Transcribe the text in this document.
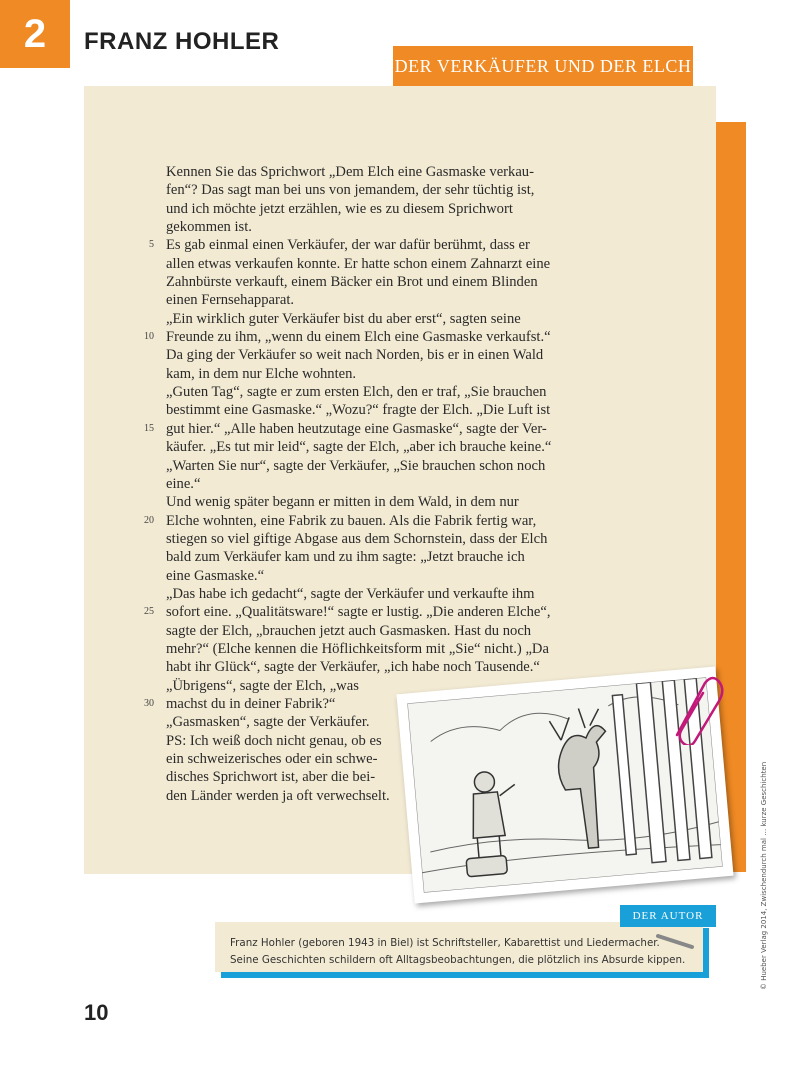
2	FRANZ HOHLER
DER VERKÄUFER UND DER ELCH
5
10
15
20
25
30
Kennen Sie das Sprichwort „Dem Elch eine Gasmaske verkau-
fen“? Das sagt man bei uns von jemandem, der sehr tüchtig ist,
und ich möchte jetzt erzählen, wie es zu diesem Sprichwort
gekommen ist.
Es gab einmal einen Verkäufer, der war dafür berühmt, dass er
allen etwas verkaufen konnte. Er hatte schon einem Zahnarzt eine
Zahnbürste verkauft, einem Bäcker ein Brot und einem Blinden
einen Fernsehapparat.
„Ein wirklich guter Verkäufer bist du aber erst“, sagten seine
Freunde zu ihm, „wenn du einem Elch eine Gasmaske verkaufst.“
Da ging der Verkäufer so weit nach Norden, bis er in einen Wald
kam, in dem nur Elche wohnten.
„Guten Tag“, sagte er zum ersten Elch, den er traf, „Sie brauchen
bestimmt eine Gasmaske.“ „Wozu?“ fragte der Elch. „Die Luft ist
gut hier.“ „Alle haben heutzutage eine Gasmaske“, sagte der Ver-
käufer. „Es tut mir leid“, sagte der Elch, „aber ich brauche keine.“
„Warten Sie nur“, sagte der Verkäufer, „Sie brauchen schon noch
eine.“
Und wenig später begann er mitten in dem Wald, in dem nur
Elche wohnten, eine Fabrik zu bauen. Als die Fabrik fertig war,
stiegen so viel giftige Abgase aus dem Schornstein, dass der Elch
bald zum Verkäufer kam und zu ihm sagte: „Jetzt brauche ich
eine Gasmaske.“
„Das habe ich gedacht“, sagte der Verkäufer und verkaufte ihm
sofort eine. „Qualitätsware!“ sagte er lustig. „Die anderen Elche“,
sagte der Elch, „brauchen jetzt auch Gasmasken. Hast du noch
mehr?“ (Elche kennen die Höflichkeitsform mit „Sie“ nicht.) „Da
habt ihr Glück“, sagte der Verkäufer, „ich habe noch Tausende.“
„Übrigens“, sagte der Elch, „was
machst du in deiner Fabrik?“
„Gasmasken“, sagte der Verkäufer.
PS: Ich weiß doch nicht genau, ob es
ein schweizerisches oder ein schwe-
disches Sprichwort ist, aber die bei-
den Länder werden ja oft verwechselt.
Franz Hohler (geboren 1943 in Biel) ist Schriftsteller, Kabarettist und Liedermacher.
Seine Geschichten schildern oft Alltagsbeobachtungen, die plötzlich ins Absurde kippen.
DER AUTOR	© Hueber Verlag 2014, Zwischendurch mal … kurze Geschichten
10
